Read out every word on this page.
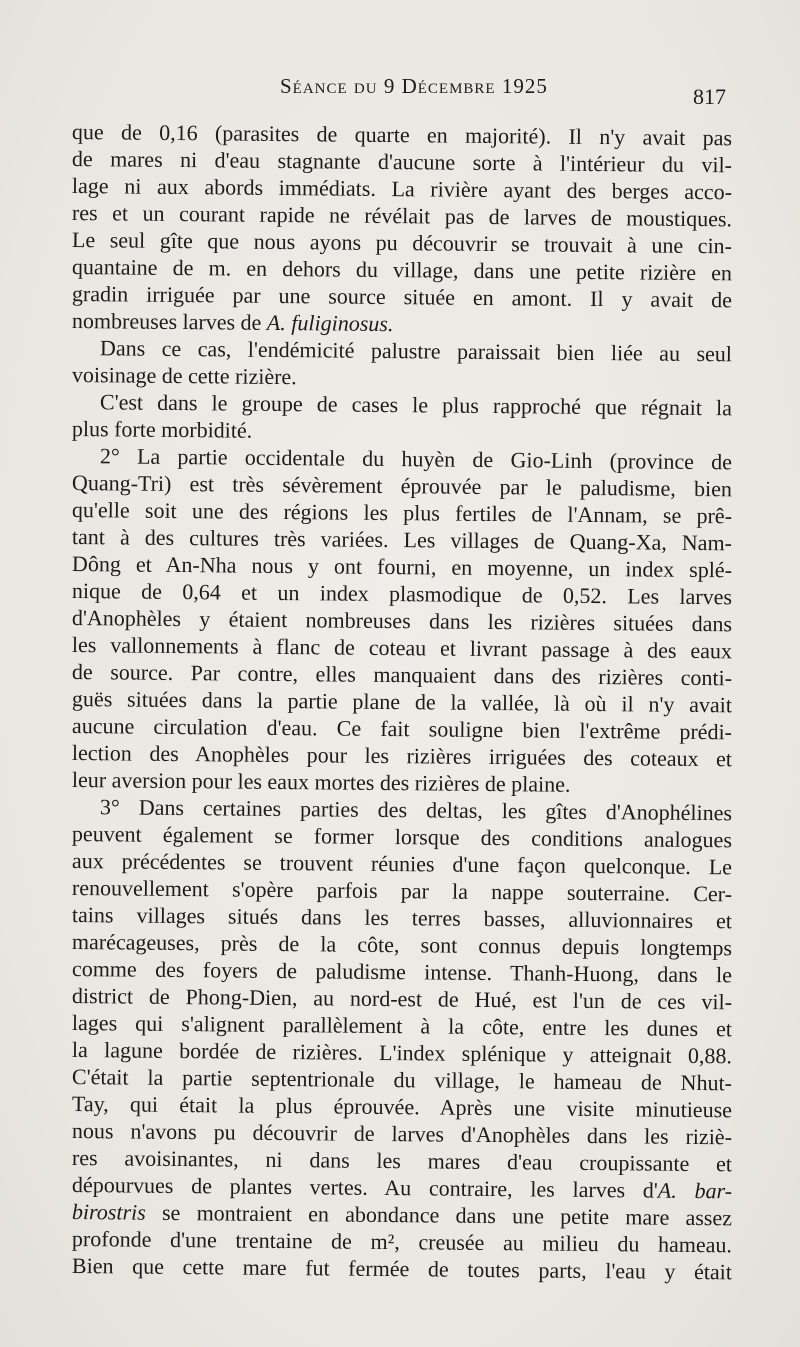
Séance du 9 Décembre 1925	817
que de 0,16 (parasites de quarte en majorité). Il n'y avait pas
de mares ni d'eau stagnante d'aucune sorte à l'intérieur du vil-
lage ni aux abords immédiats. La rivière ayant des berges acco-
res et un courant rapide ne révélait pas de larves de moustiques.
Le seul gîte que nous ayons pu découvrir se trouvait à une cin-
quantaine de m. en dehors du village, dans une petite rizière en
gradin irriguée par une source située en amont. Il y avait de
nombreuses larves de A. fuliginosus.
Dans ce cas, l'endémicité palustre paraissait bien liée au seul
voisinage de cette rizière.
C'est dans le groupe de cases le plus rapproché que régnait la
plus forte morbidité.
2° La partie occidentale du huyèn de Gio-Linh (province de
Quang-Tri) est très sévèrement éprouvée par le paludisme, bien
qu'elle soit une des régions les plus fertiles de l'Annam, se prê-
tant à des cultures très variées. Les villages de Quang-Xa, Nam-
Dông et An-Nha nous y ont fourni, en moyenne, un index splé-
nique de 0,64 et un index plasmodique de 0,52. Les larves
d'Anophèles y étaient nombreuses dans les rizières situées dans
les vallonnements à flanc de coteau et livrant passage à des eaux
de source. Par contre, elles manquaient dans des rizières conti-
guës situées dans la partie plane de la vallée, là où il n'y avait
aucune circulation d'eau. Ce fait souligne bien l'extrême prédi-
lection des Anophèles pour les rizières irriguées des coteaux et
leur aversion pour les eaux mortes des rizières de plaine.
3° Dans certaines parties des deltas, les gîtes d'Anophélines
peuvent également se former lorsque des conditions analogues
aux précédentes se trouvent réunies d'une façon quelconque. Le
renouvellement s'opère parfois par la nappe souterraine. Cer-
tains villages situés dans les terres basses, alluvionnaires et
marécageuses, près de la côte, sont connus depuis longtemps
comme des foyers de paludisme intense. Thanh-Huong, dans le
district de Phong-Dien, au nord-est de Hué, est l'un de ces vil-
lages qui s'alignent parallèlement à la côte, entre les dunes et
la lagune bordée de rizières. L'index splénique y atteignait 0,88.
C'était la partie septentrionale du village, le hameau de Nhut-
Tay, qui était la plus éprouvée. Après une visite minutieuse
nous n'avons pu découvrir de larves d'Anophèles dans les riziè-
res avoisinantes, ni dans les mares d'eau croupissante et
dépourvues de plantes vertes. Au contraire, les larves d'A. bar-
birostris se montraient en abondance dans une petite mare assez
profonde d'une trentaine de m², creusée au milieu du hameau.
Bien que cette mare fut fermée de toutes parts, l'eau y était
